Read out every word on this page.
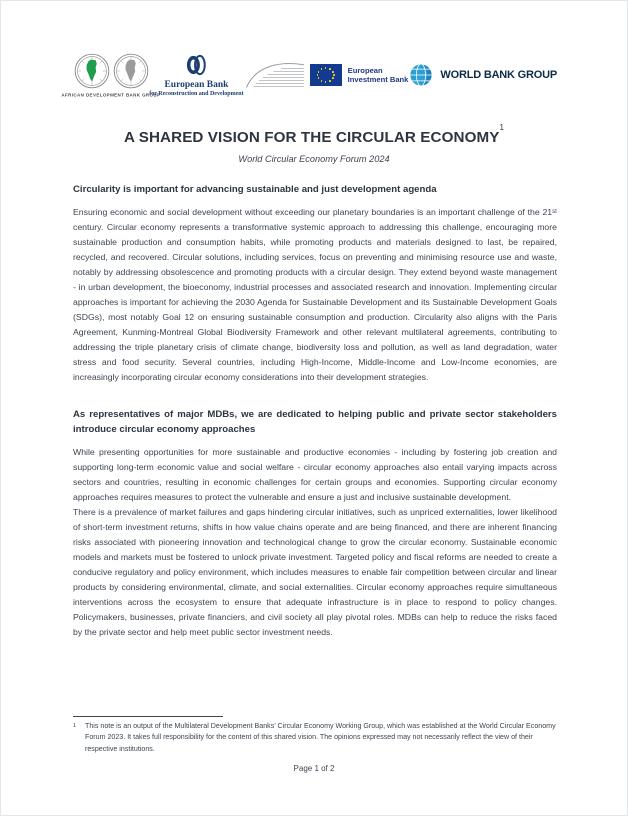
AFRICAN DEVELOPMENT BANK GROUP
European Bank
for Reconstruction and Development
European
Investment Bank	WORLD BANK GROUP
A SHARED VISION FOR THE CIRCULAR ECONOMY$^1$
World Circular Economy Forum 2024
Circularity is important for advancing sustainable and just development agenda

Ensuring economic and social development without exceeding our planetary boundaries is an important challenge of the 21ˢᵗ century. Circular economy represents a transformative systemic approach to addressing this challenge, encouraging more sustainable production and consumption habits, while promoting products and materials designed to last, be repaired, recycled, and recovered. Circular solutions, including services, focus on preventing and minimising resource use and waste, notably by addressing obsolescence and promoting products with a circular design. They extend beyond waste management - in urban development, the bioeconomy, industrial processes and associated research and innovation. Implementing circular approaches is important for achieving the 2030 Agenda for Sustainable Development and its Sustainable Development Goals (SDGs), most notably Goal 12 on ensuring sustainable consumption and production. Circularity also aligns with the Paris Agreement, Kunming-Montreal Global Biodiversity Framework and other relevant multilateral agreements, contributing to addressing the triple planetary crisis of climate change, biodiversity loss and pollution, as well as land degradation, water stress and food security. Several countries, including High-Income, Middle-Income and Low-Income economies, are increasingly incorporating circular economy considerations into their development strategies.

As representatives of major MDBs, we are dedicated to helping public and private sector stakeholders introduce circular economy approaches

While presenting opportunities for more sustainable and productive economies - including by fostering job creation and supporting long-term economic value and social welfare - circular economy approaches also entail varying impacts across sectors and countries, resulting in economic challenges for certain groups and economies. Supporting circular economy approaches requires measures to protect the vulnerable and ensure a just and inclusive sustainable development.

There is a prevalence of market failures and gaps hindering circular initiatives, such as unpriced externalities, lower likelihood of short-term investment returns, shifts in how value chains operate and are being financed, and there are inherent financing risks associated with pioneering innovation and technological change to grow the circular economy. Sustainable economic models and markets must be fostered to unlock private investment. Targeted policy and fiscal reforms are needed to create a conducive regulatory and policy environment, which includes measures to enable fair competition between circular and linear products by considering environmental, climate, and social externalities. Circular economy approaches require simultaneous interventions across the ecosystem to ensure that adequate infrastructure is in place to respond to policy changes. Policymakers, businesses, private financiers, and civil society all play pivotal roles. MDBs can help to reduce the risks faced by the private sector and help meet public sector investment needs.

1	This note is an output of the Multilateral Development Banks’ Circular Economy Working Group, which was established at the World Circular Economy Forum 2023. It takes full responsibility for the content of this shared vision. The opinions expressed may not necessarily reflect the view of their respective institutions.
Page 1 of 2
